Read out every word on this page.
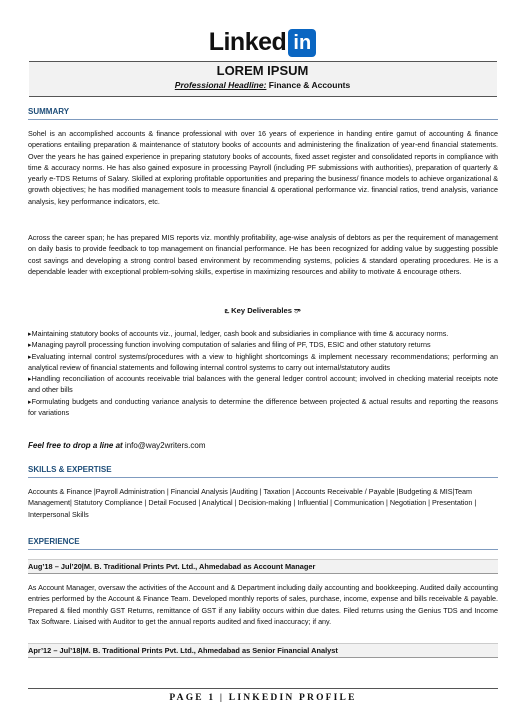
Linked in
LOREM IPSUM
Professional Headline: Finance & Accounts
SUMMARY
Sohel is an accomplished accounts & finance professional with over 16 years of experience in handing entire gamut of accounting & finance operations entailing preparation & maintenance of statutory books of accounts and administering the finalization of year-end financial statements. Over the years he has gained experience in preparing statutory books of accounts, fixed asset register and consolidated reports in compliance with time & accuracy norms. He has also gained exposure in processing Payroll (including PF submissions with authorities), preparation of quarterly & yearly e-TDS Returns of Salary. Skilled at exploring profitable opportunities and preparing the business/ finance models to achieve organizational & growth objectives; he has modified management tools to measure financial & operational performance viz. financial ratios, trend analysis, variance analysis, key performance indicators, etc.
Across the career span; he has prepared MIS reports viz. monthly profitability, age-wise analysis of debtors as per the requirement of management on daily basis to provide feedback to top management on financial performance. He has been recognized for adding value by suggesting possible cost savings and developing a strong control based environment by recommending systems, policies & standard operating procedures. He is a dependable leader with exceptional problem-solving skills, expertise in maximizing resources and ability to motivate & encourage others.
ఽ Key Deliverables ా
▸Maintaining statutory books of accounts viz., journal, ledger, cash book and subsidiaries in compliance with time & accuracy norms.
▸Managing payroll processing function involving computation of salaries and filing of PF, TDS, ESIC and other statutory returns
▸Evaluating internal control systems/procedures with a view to highlight shortcomings & implement necessary recommendations; performing an analytical review of financial statements and following internal control systems to carry out internal/statutory audits
▸Handling reconciliation of accounts receivable trial balances with the general ledger control account; involved in checking material receipts note and other bills
▸Formulating budgets and conducting variance analysis to determine the difference between projected & actual results and reporting the reasons for variations
Feel free to drop a line at info@way2writers.com
SKILLS & EXPERTISE
Accounts & Finance |Payroll Administration | Financial Analysis |Auditing | Taxation | Accounts Receivable / Payable |Budgeting & MIS|Team Management| Statutory Compliance | Detail Focused | Analytical | Decision-making | Influential | Communication | Negotiation | Presentation | Interpersonal Skills
EXPERIENCE
Aug’18 – Jul’20|M. B. Traditional Prints Pvt. Ltd., Ahmedabad as Account Manager
As Account Manager, oversaw the activities of the Account and & Department including daily accounting and bookkeeping. Audited daily accounting entries performed by the Account & Finance Team. Developed monthly reports of sales, purchase, income, expense and bills receivable & payable. Prepared & filed monthly GST Returns, remittance of GST if any liability occurs within due dates. Filed returns using the Genius TDS and Income Tax Software. Liaised with Auditor to get the annual reports audited and fixed inaccuracy; if any.
Apr’12 – Jul’18|M. B. Traditional Prints Pvt. Ltd., Ahmedabad as Senior Financial Analyst
PAGE 1 | LINKEDIN PROFILE
